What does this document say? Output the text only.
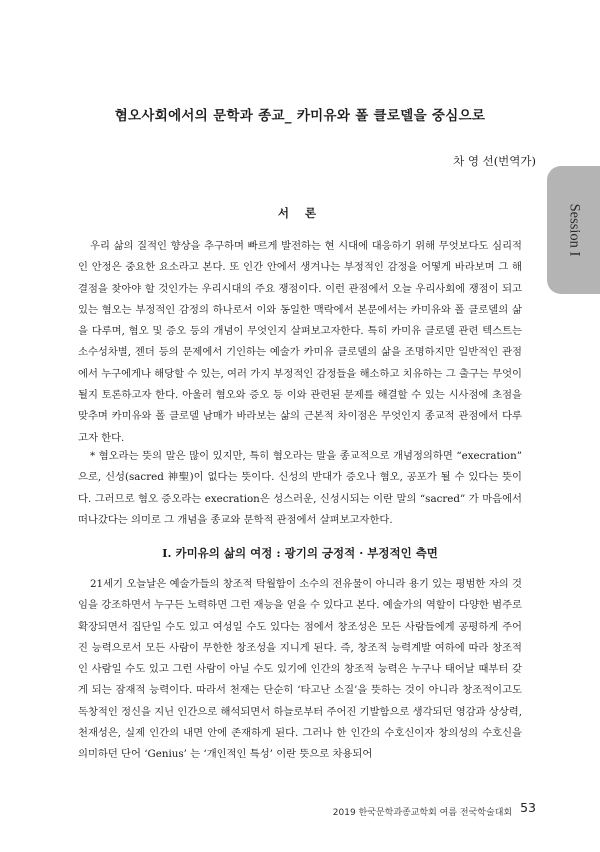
혐오사회에서의 문학과 종교_ 카미유와 폴 클로델을 중심으로
차 영 선(번역가)
서 론

우리 삶의 질적인 향상을 추구하며 빠르게 발전하는 현 시대에 대응하기 위해 무엇보다도 심리적인 안정은 중요한 요소라고 본다. 또 인간 안에서 생겨나는 부정적인 감정을 어떻게 바라보며 그 해결점을 찾아야 할 것인가는 우리시대의 주요 쟁점이다. 이런 관점에서 오늘 우리사회에 쟁점이 되고 있는 혐오는 부정적인 감정의 하나로서 이와 동일한 맥락에서 본문에서는 카미유와 폴 클로델의 삶을 다루며, 혐오 및 증오 등의 개념이 무엇인지 살펴보고자한다. 특히 카미유 클로델 관련 텍스트는 소수성차별, 젠더 등의 문제에서 기인하는 예술가 카미유 클로델의 삶을 조명하지만 일반적인 관점에서 누구에게나 해당할 수 있는, 여러 가지 부정적인 감정들을 해소하고 치유하는 그 출구는 무엇이 될지 토론하고자 한다. 아울러 혐오와 증오 등 이와 관련된 문제를 해결할 수 있는 시사점에 초점을 맞추며 카미유와 폴 클로델 남매가 바라보는 삶의 근본적 차이점은 무엇인지 종교적 관점에서 다루고자 한다.

* 혐오라는 뜻의 말은 많이 있지만, 특히 혐오라는 말을 종교적으로 개념정의하면 “execration” 으로, 신성(sacred 神聖)이 없다는 뜻이다. 신성의 반대가 증오나 혐오, 공포가 될 수 있다는 뜻이다. 그러므로 혐오 증오라는 execration은 성스러운, 신성시되는 이란 말의 “sacred” 가 마음에서 떠나갔다는 의미로 그 개념을 종교와 문학적 관점에서 살펴보고자한다.

I. 카미유의 삶의 여정 : 광기의 긍정적 · 부정적인 측면

21세기 오늘날은 예술가들의 창조적 탁월함이 소수의 전유물이 아니라 용기 있는 평범한 자의 것임을 강조하면서 누구든 노력하면 그런 재능을 얻을 수 있다고 본다. 예술가의 역할이 다양한 범주로 확장되면서 집단일 수도 있고 여성일 수도 있다는 점에서 창조성은 모든 사람들에게 공평하게 주어진 능력으로서 모든 사람이 무한한 창조성을 지니게 된다. 즉, 창조적 능력계발 여하에 따라 창조적인 사람일 수도 있고 그런 사람이 아닐 수도 있기에 인간의 창조적 능력은 누구나 태어날 때부터 갖게 되는 잠재적 능력이다. 따라서 천재는 단순히 ‘타고난 소질’을 뜻하는 것이 아니라 창조적이고도 독창적인 정신을 지닌 인간으로 해석되면서 하늘로부터 주어진 기발함으로 생각되던 영감과 상상력, 천재성은, 실제 인간의 내면 안에 존재하게 된다. 그러나 한 인간의 수호신이자 창의성의 수호신을 의미하던 단어 ‘Genius’ 는 ‘개인적인 특성’ 이란 뜻으로 차용되어

Session I
2019 한국문학과종교학회 여름 전국학술대회 53
